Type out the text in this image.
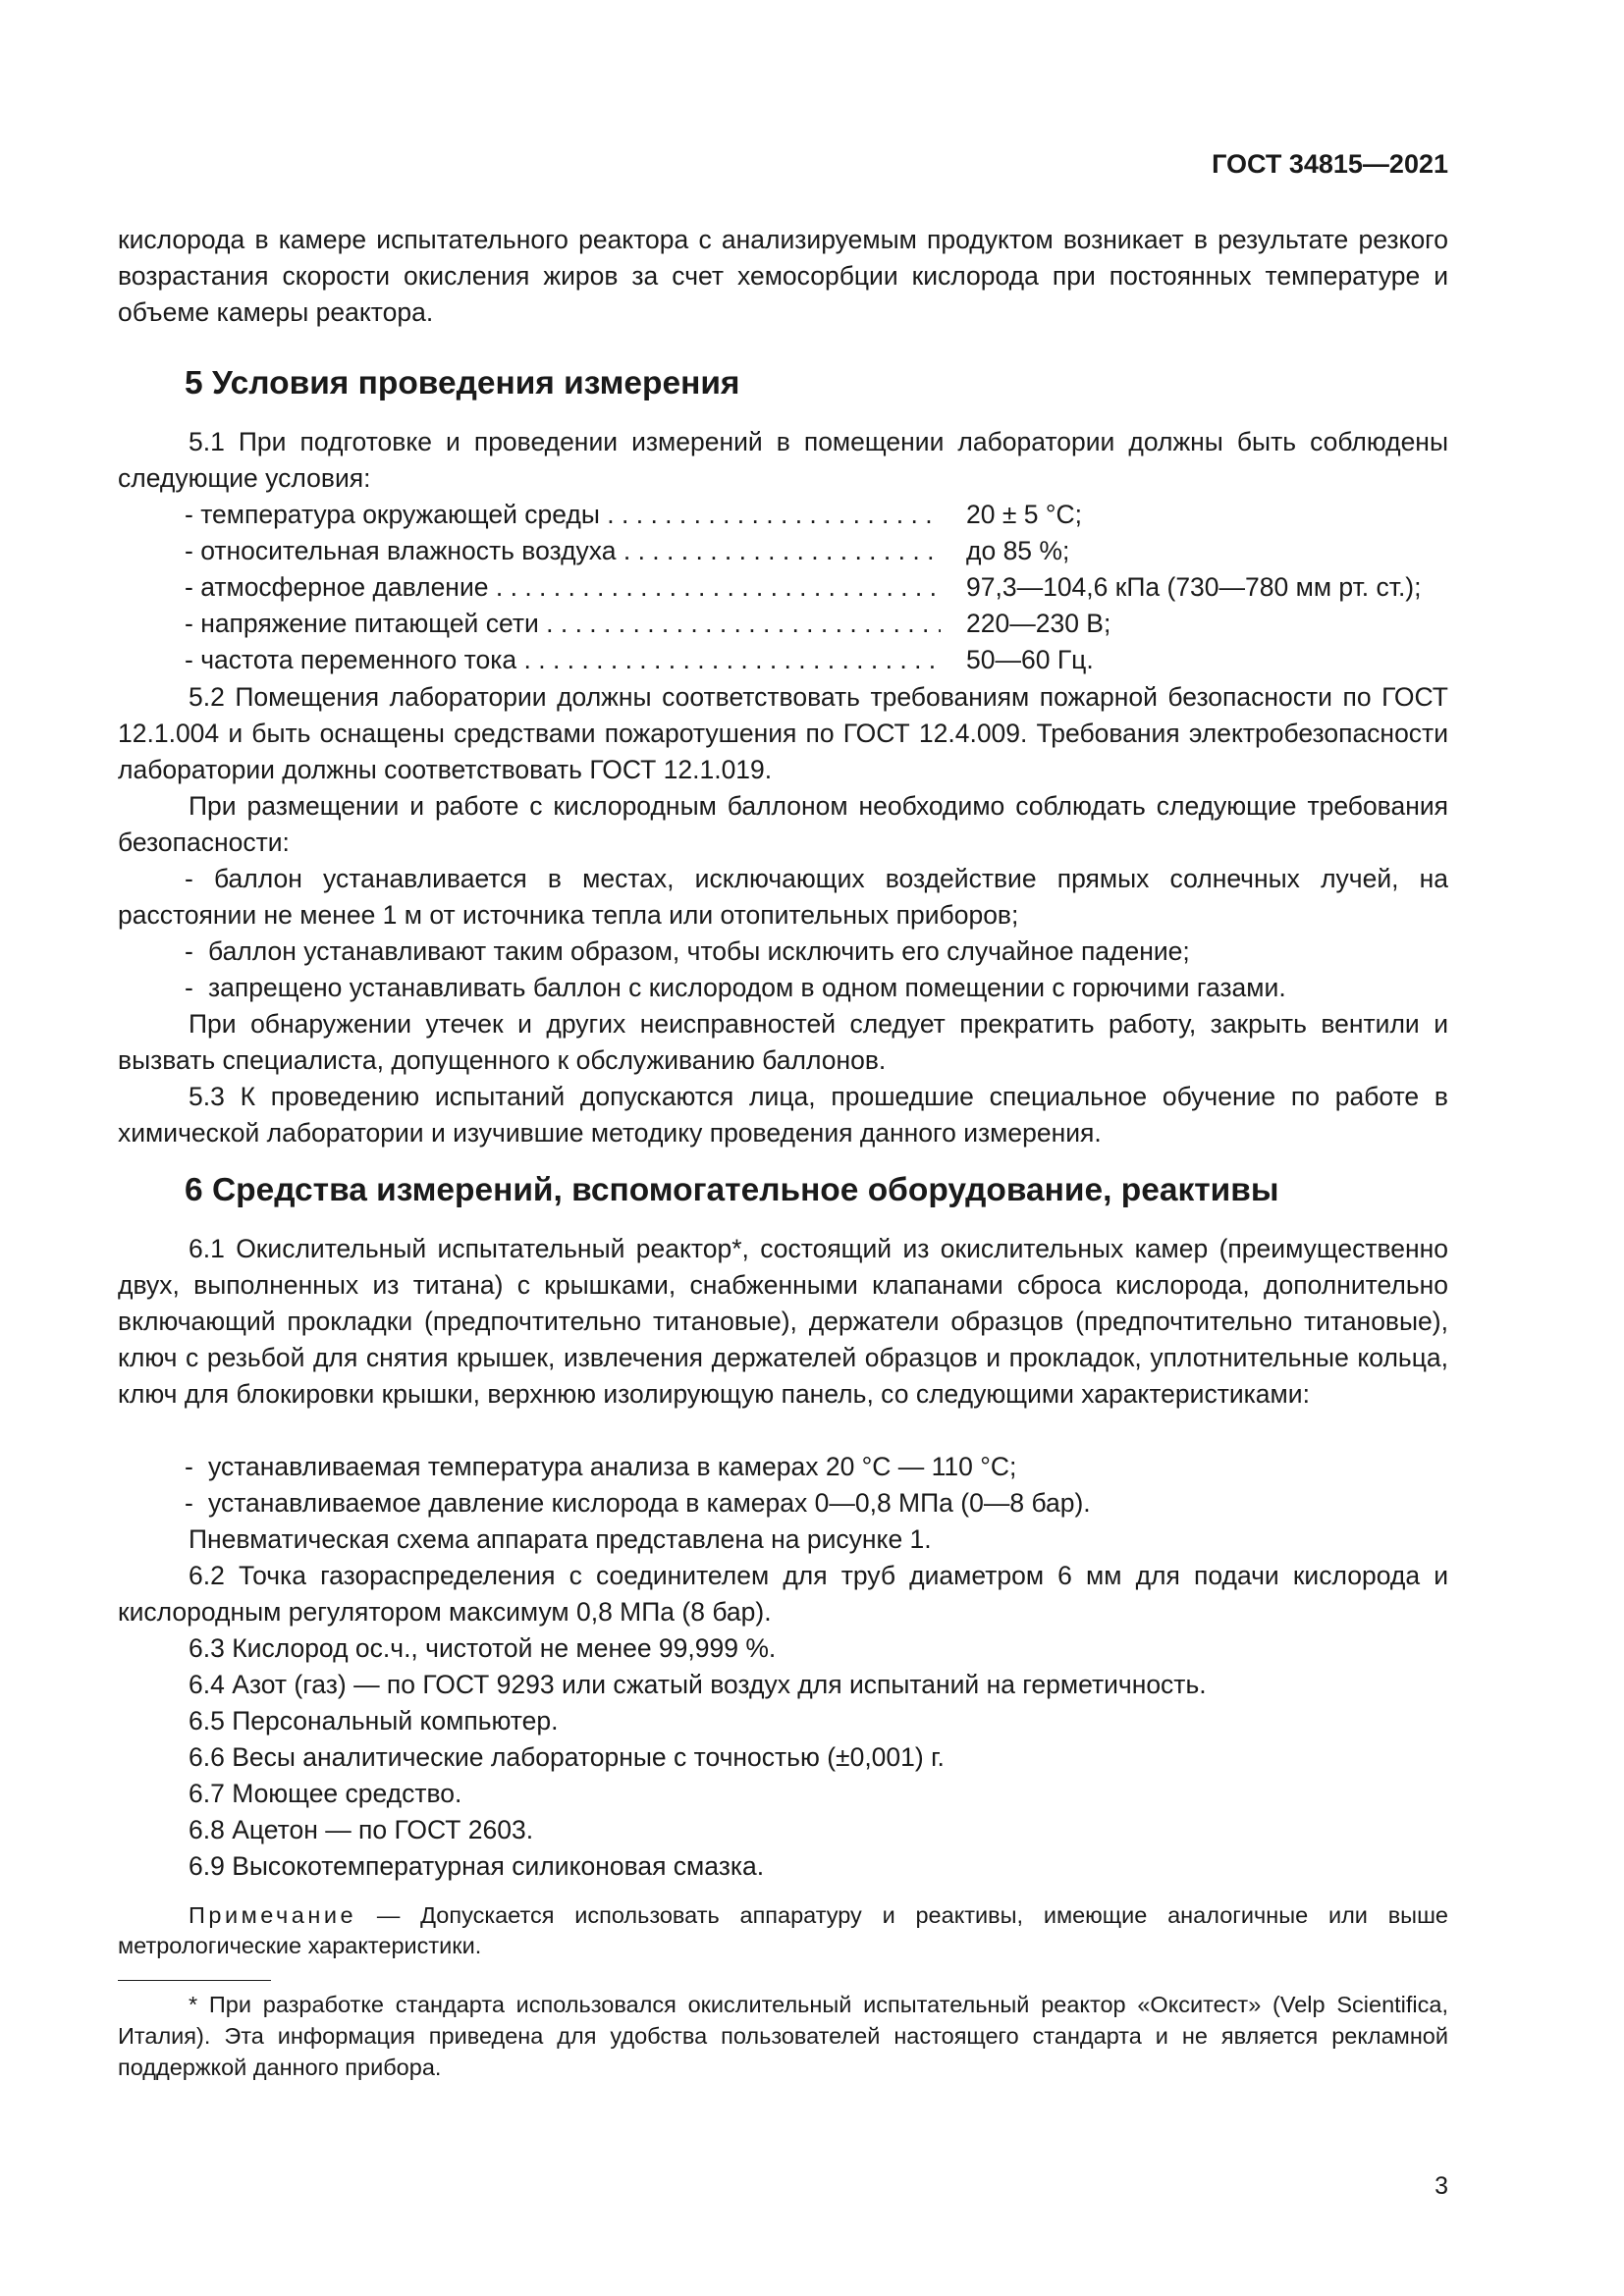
ГОСТ 34815—2021
кислорода в камере испытательного реактора с анализируемым продуктом возникает в результате резкого возрастания скорости окисления жиров за счет хемосорбции кислорода при постоянных температуре и объеме камеры реактора.
5 Условия проведения измерения
5.1 При подготовке и проведении измерений в помещении лаборатории должны быть соблюдены следующие условия:
- температура окружающей среды . . .	20 ± 5 °С;
- относительная влажность воздуха . . .	до 85 %;
- атмосферное давление . . .	97,3—104,6 кПа (730—780 мм рт. ст.);
- напряжение питающей сети . . .	220—230 В;
- частота переменного тока . . .	50—60 Гц.
5.2 Помещения лаборатории должны соответствовать требованиям пожарной безопасности по ГОСТ 12.1.004 и быть оснащены средствами пожаротушения по ГОСТ 12.4.009. Требования электробезопасности лаборатории должны соответствовать ГОСТ 12.1.019.
При размещении и работе с кислородным баллоном необходимо соблюдать следующие требования безопасности:
- баллон устанавливается в местах, исключающих воздействие прямых солнечных лучей, на расстоянии не менее 1 м от источника тепла или отопительных приборов;
- баллон устанавливают таким образом, чтобы исключить его случайное падение;
- запрещено устанавливать баллон с кислородом в одном помещении с горючими газами.
При обнаружении утечек и других неисправностей следует прекратить работу, закрыть вентили и вызвать специалиста, допущенного к обслуживанию баллонов.
5.3 К проведению испытаний допускаются лица, прошедшие специальное обучение по работе в химической лаборатории и изучившие методику проведения данного измерения.
6 Средства измерений, вспомогательное оборудование, реактивы
6.1 Окислительный испытательный реактор*, состоящий из окислительных камер (преимущественно двух, выполненных из титана) с крышками, снабженными клапанами сброса кислорода, дополнительно включающий прокладки (предпочтительно титановые), держатели образцов (предпочтительно титановые), ключ с резьбой для снятия крышек, извлечения держателей образцов и прокладок, уплотнительные кольца, ключ для блокировки крышки, верхнюю изолирующую панель, со следующими характеристиками:
- устанавливаемая температура анализа в камерах 20 °С — 110 °С;
- устанавливаемое давление кислорода в камерах 0—0,8 МПа (0—8 бар).
Пневматическая схема аппарата представлена на рисунке 1.
6.2 Точка газораспределения с соединителем для труб диаметром 6 мм для подачи кислорода и кислородным регулятором максимум 0,8 МПа (8 бар).
6.3 Кислород ос.ч., чистотой не менее 99,999 %.
6.4 Азот (газ) — по ГОСТ 9293 или сжатый воздух для испытаний на герметичность.
6.5 Персональный компьютер.
6.6 Весы аналитические лабораторные с точностью (±0,001) г.
6.7 Моющее средство.
6.8 Ацетон — по ГОСТ 2603.
6.9 Высокотемпературная силиконовая смазка.
Примечание — Допускается использовать аппаратуру и реактивы, имеющие аналогичные или выше метрологические характеристики.
* При разработке стандарта использовался окислительный испытательный реактор «Окситест» (Velp Scientifica, Италия). Эта информация приведена для удобства пользователей настоящего стандарта и не является рекламной поддержкой данного прибора.
3
